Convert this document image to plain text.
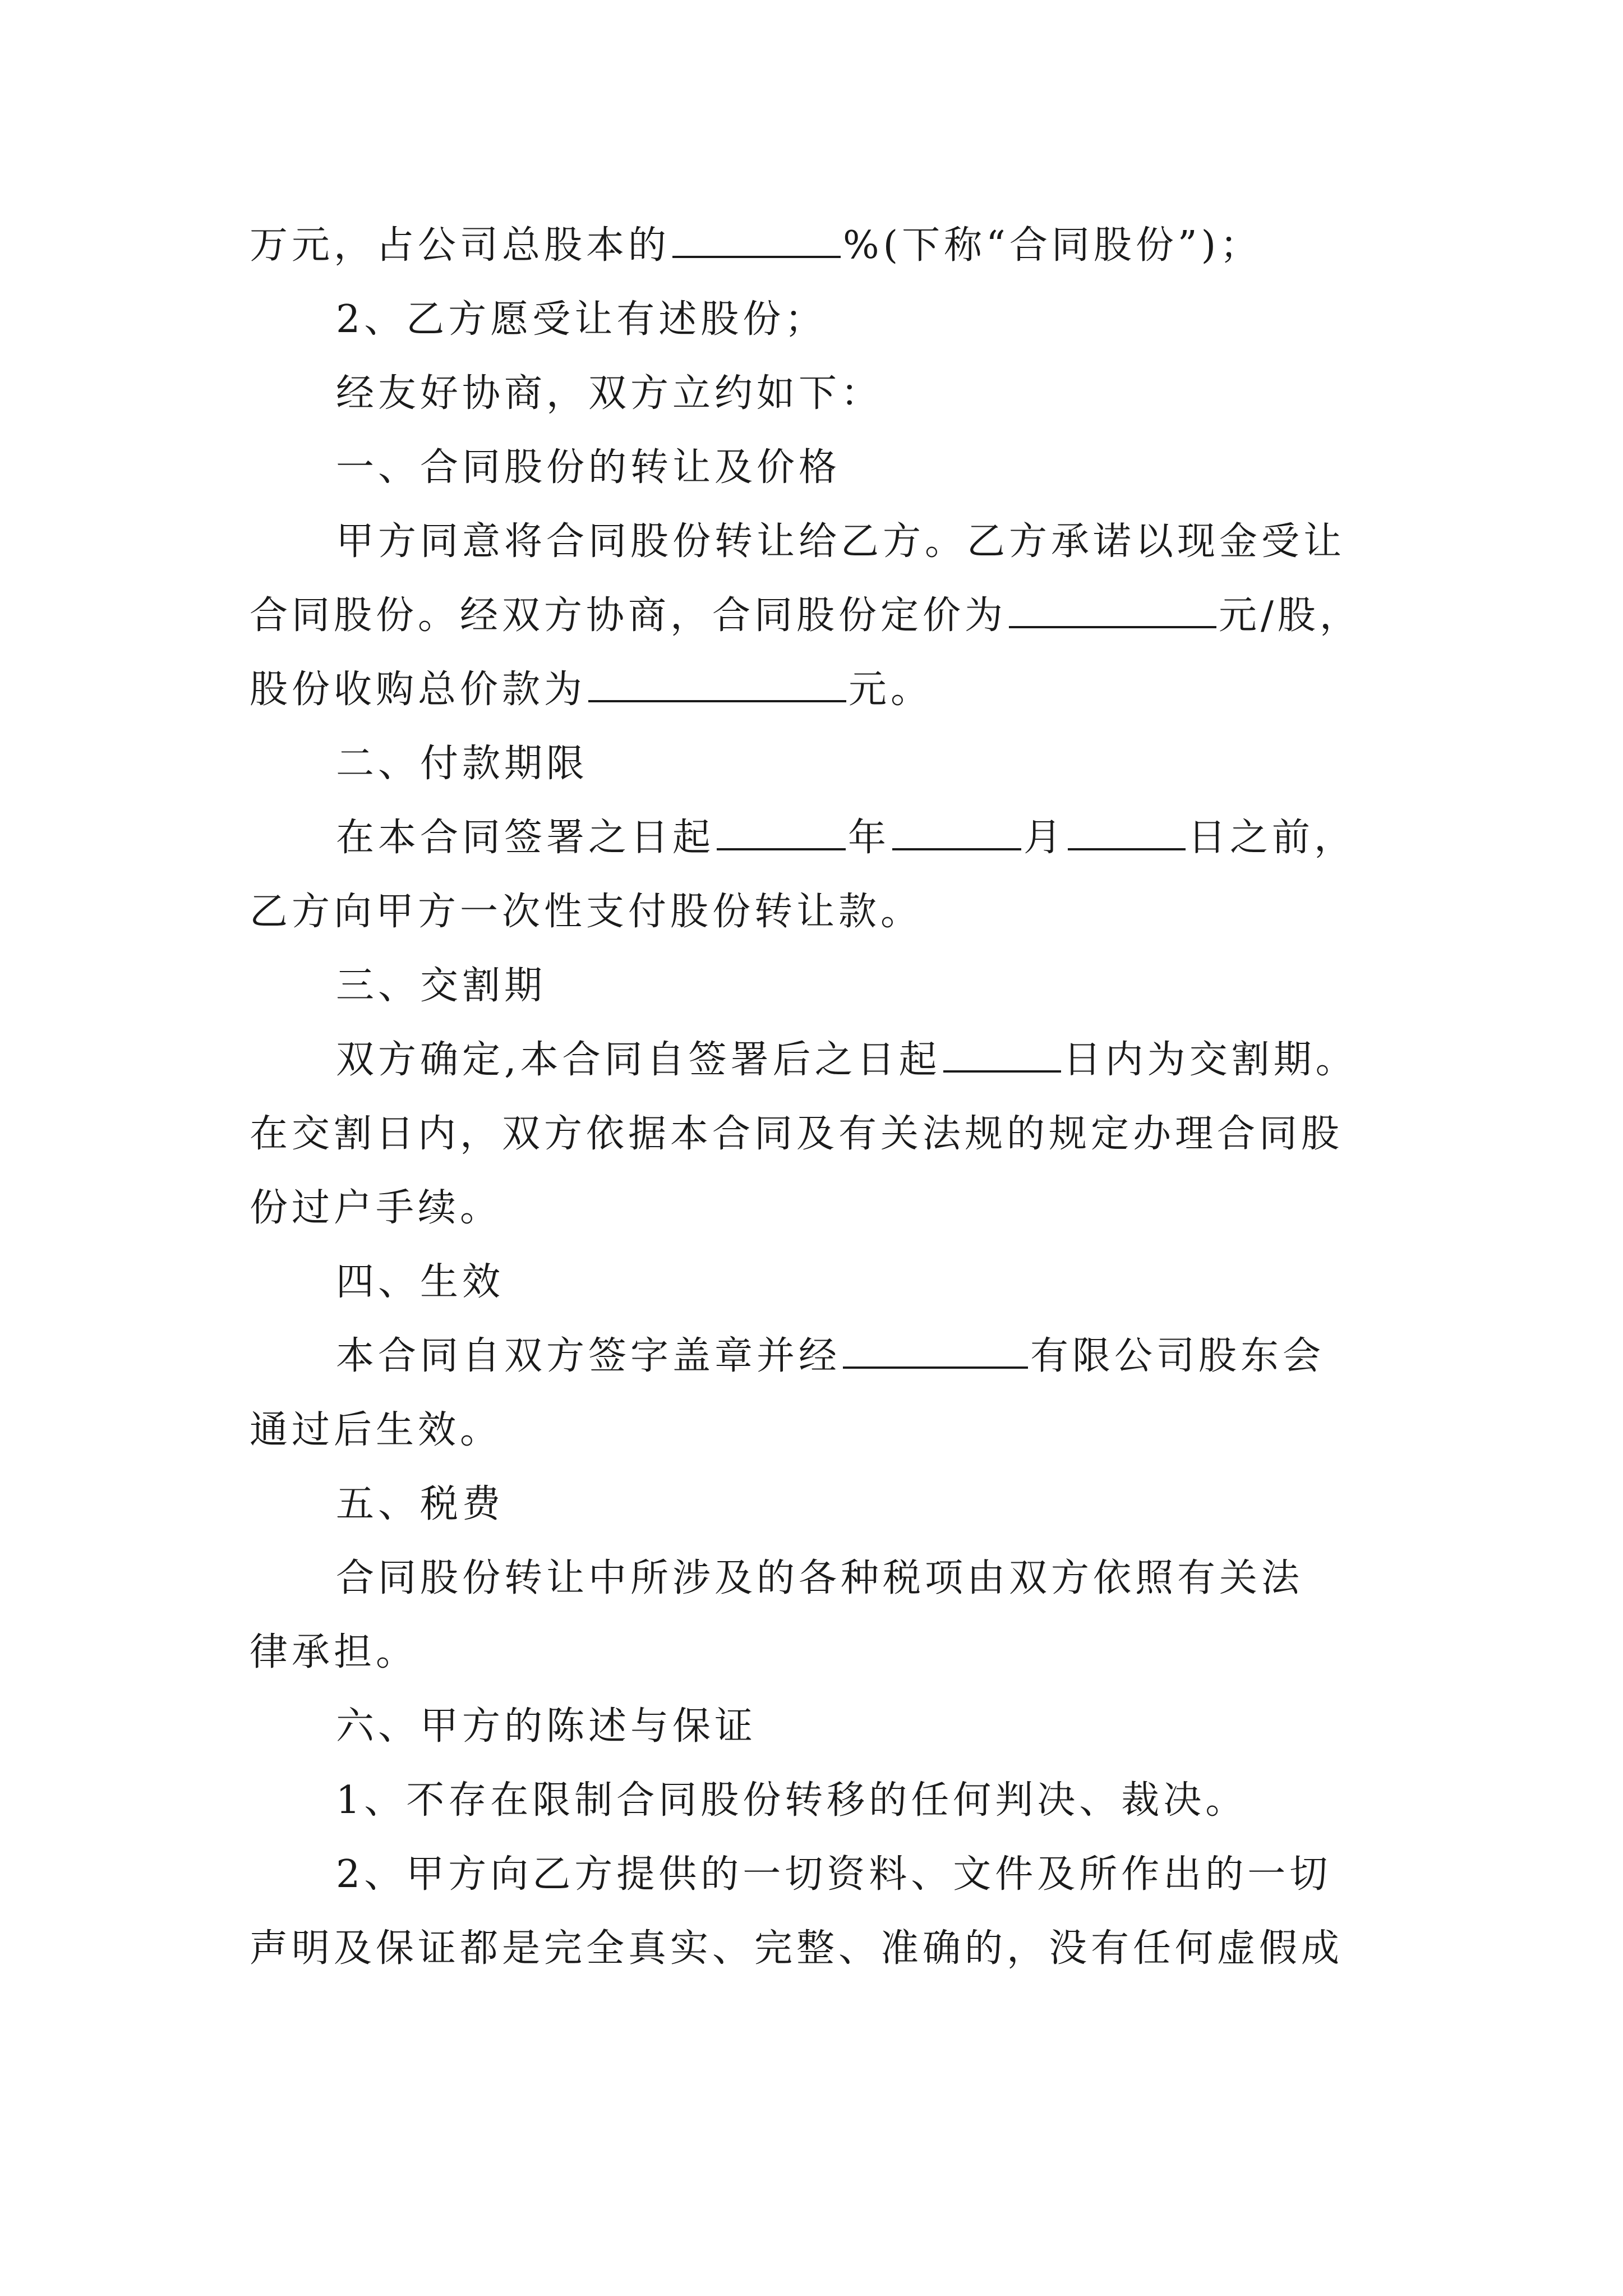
万元，占公司总股本的	%(下称“合同股份”)；
2、乙方愿受让有述股份；
经友好协商，双方立约如下：
一、合同股份的转让及价格
甲方同意将合同股份转让给乙方。乙方承诺以现金受让
合同股份。经双方协商，合同股份定价为	元/股，
股份收购总价款为	元。
二、付款期限
在本合同签署之日起	年	月	日之前，
乙方向甲方一次性支付股份转让款。
三、交割期
双方确定,本合同自签署后之日起	日内为交割期。
在交割日内，双方依据本合同及有关法规的规定办理合同股
份过户手续。
四、生效
本合同自双方签字盖章并经	有限公司股东会
通过后生效。
五、税费
合同股份转让中所涉及的各种税项由双方依照有关法
律承担。
六、甲方的陈述与保证
1、不存在限制合同股份转移的任何判决、裁决。
2、甲方向乙方提供的一切资料、文件及所作出的一切
声明及保证都是完全真实、完整、准确的，没有任何虚假成
